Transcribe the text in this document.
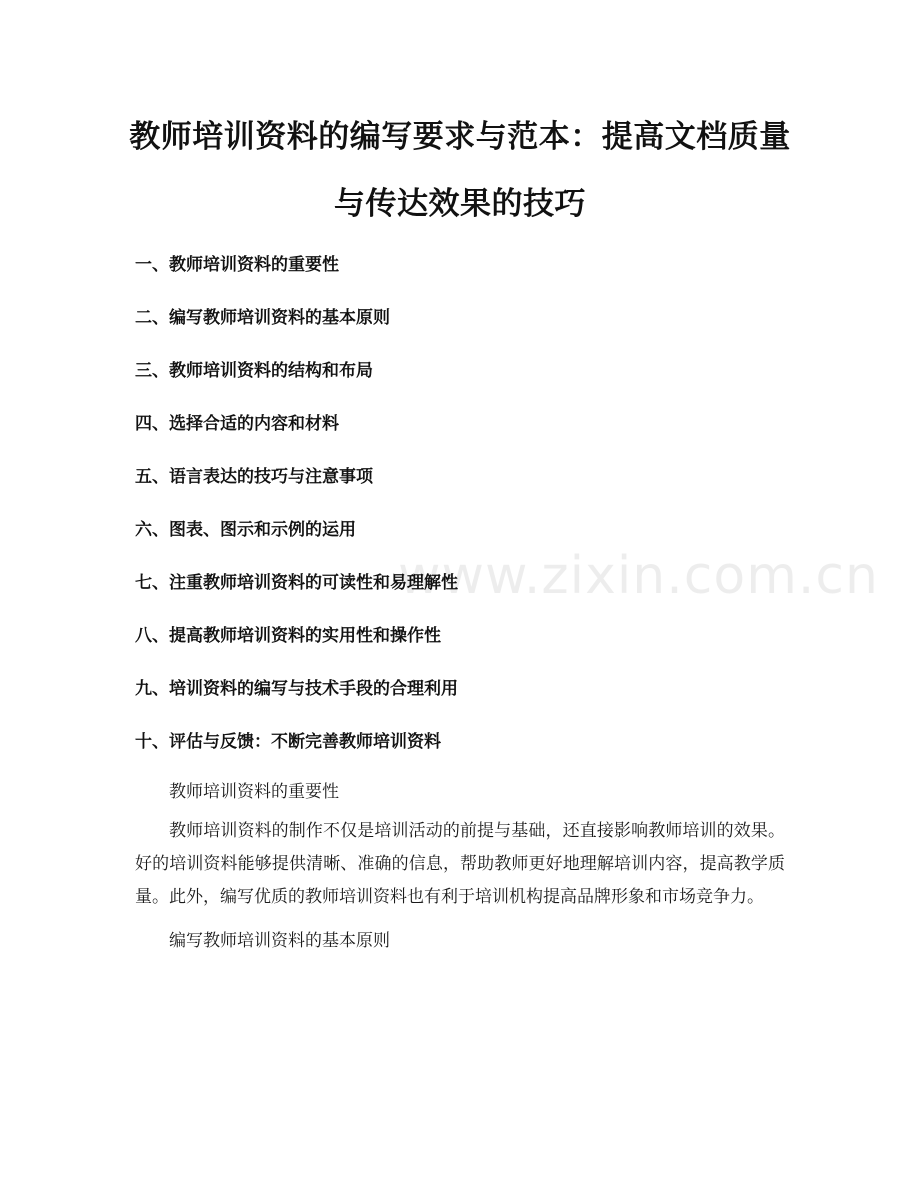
教师培训资料的编写要求与范本：提高文档质量与传达效果的技巧
一、教师培训资料的重要性
二、编写教师培训资料的基本原则
三、教师培训资料的结构和布局
四、选择合适的内容和材料
五、语言表达的技巧与注意事项
六、图表、图示和示例的运用
七、注重教师培训资料的可读性和易理解性
八、提高教师培训资料的实用性和操作性
九、培训资料的编写与技术手段的合理利用
十、评估与反馈：不断完善教师培训资料

教师培训资料的重要性

教师培训资料的制作不仅是培训活动的前提与基础，还直接影响教师培训的效果。好的培训资料能够提供清晰、准确的信息，帮助教师更好地理解培训内容，提高教学质量。此外，编写优质的教师培训资料也有利于培训机构提高品牌形象和市场竞争力。

编写教师培训资料的基本原则

www.zixin.com.cn
